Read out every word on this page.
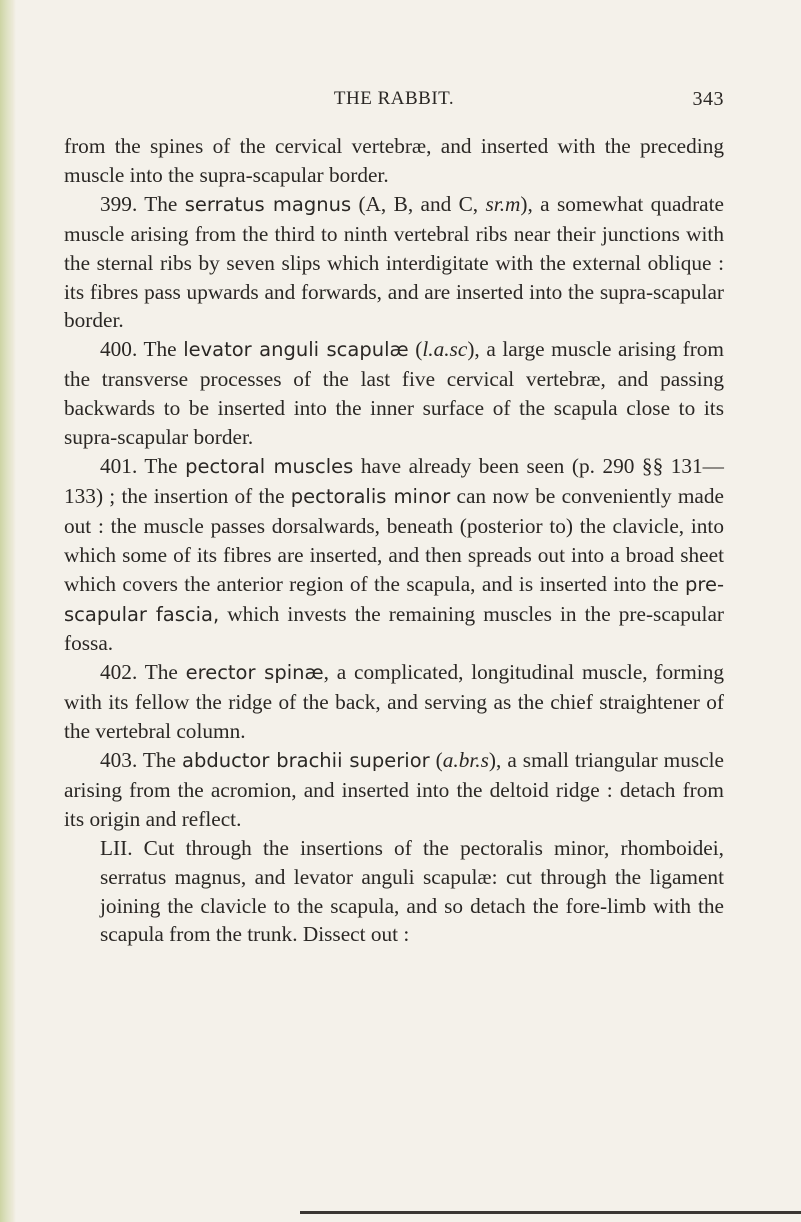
THE RABBIT.	343

from the spines of the cervical vertebræ, and inserted with the preceding muscle into the supra-scapular border.

399. The serratus magnus (A, B, and C, sr.m), a somewhat quadrate muscle arising from the third to ninth vertebral ribs near their junctions with the sternal ribs by seven slips which interdigitate with the external oblique : its fibres pass upwards and forwards, and are inserted into the supra-scapular border.

400. The levator anguli scapulæ (l.a.sc), a large muscle arising from the transverse processes of the last five cervical vertebræ, and passing backwards to be inserted into the inner surface of the scapula close to its supra-scapular border.

401. The pectoral muscles have already been seen (p. 290 §§ 131—133) ; the insertion of the pectoralis minor can now be conveniently made out : the muscle passes dorsalwards, beneath (posterior to) the clavicle, into which some of its fibres are inserted, and then spreads out into a broad sheet which covers the anterior region of the scapula, and is inserted into the pre-scapular fascia, which invests the remaining muscles in the pre-scapular fossa.

402. The erector spinæ, a complicated, longitudinal muscle, forming with its fellow the ridge of the back, and serving as the chief straightener of the vertebral column.

403. The abductor brachii superior (a.br.s), a small triangular muscle arising from the acromion, and inserted into the deltoid ridge : detach from its origin and reflect.

LII. Cut through the insertions of the pectoralis minor, rhomboidei, serratus magnus, and levator anguli scapulæ: cut through the ligament joining the clavicle to the scapula, and so detach the fore-limb with the scapula from the trunk. Dissect out :
